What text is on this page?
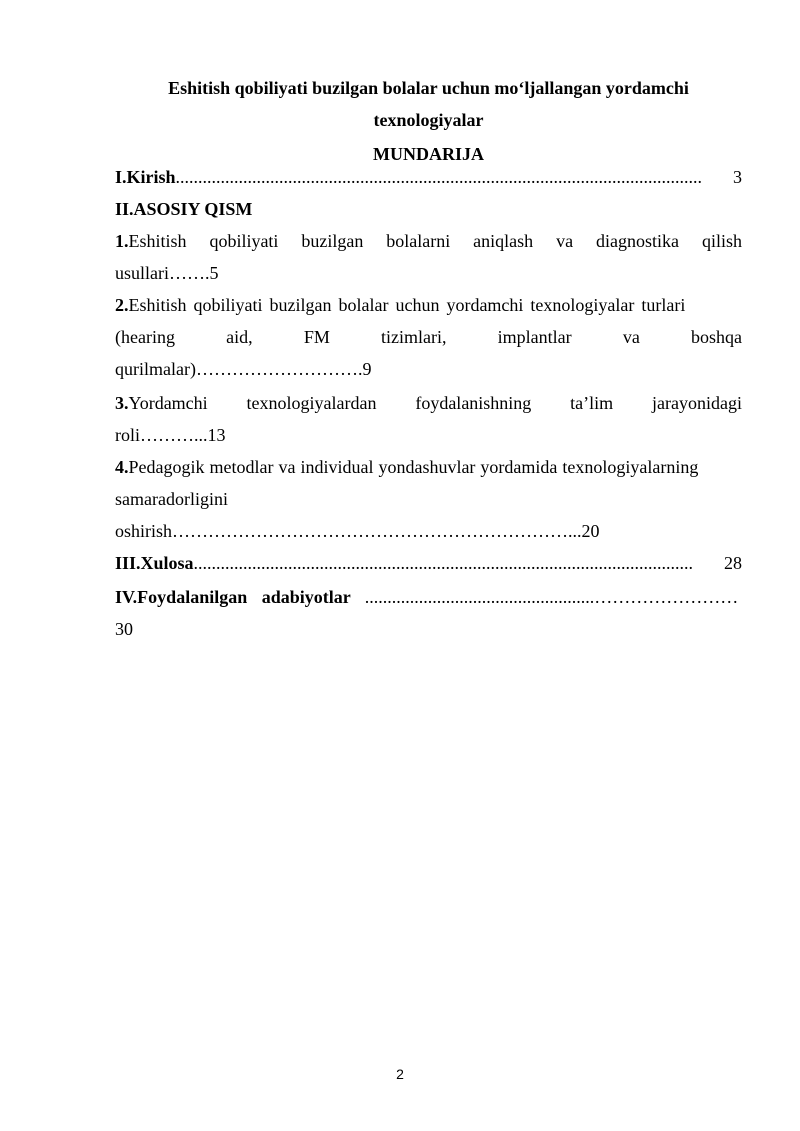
Eshitish qobiliyati buzilgan bolalar uchun mo‘ljallangan yordamchi
texnologiyalar
MUNDARIJA
I.Kirish .....................................................................................................................	3
II.ASOSIY QISM
1.Eshitish qobiliyati buzilgan bolalarni aniqlash va diagnostika qilish
usullari…….5
2.Eshitish qobiliyati buzilgan bolalar uchun yordamchi texnologiyalar turlari
(hearing	aid,	FM	tizimlari,	implantlar	va	boshqa
qurilmalar)……………………….9
3.Yordamchi texnologiyalardan foydalanishning ta’lim jarayonidagi
roli………...13
4.Pedagogik metodlar va individual yondashuvlar yordamida texnologiyalarning
samaradorligini
oshirish…………………………………………………………...20
III.Xulosa ...............................................................................................................	28
IV.Foydalanilgan adabiyotlar ...................................................……………………
30
2
